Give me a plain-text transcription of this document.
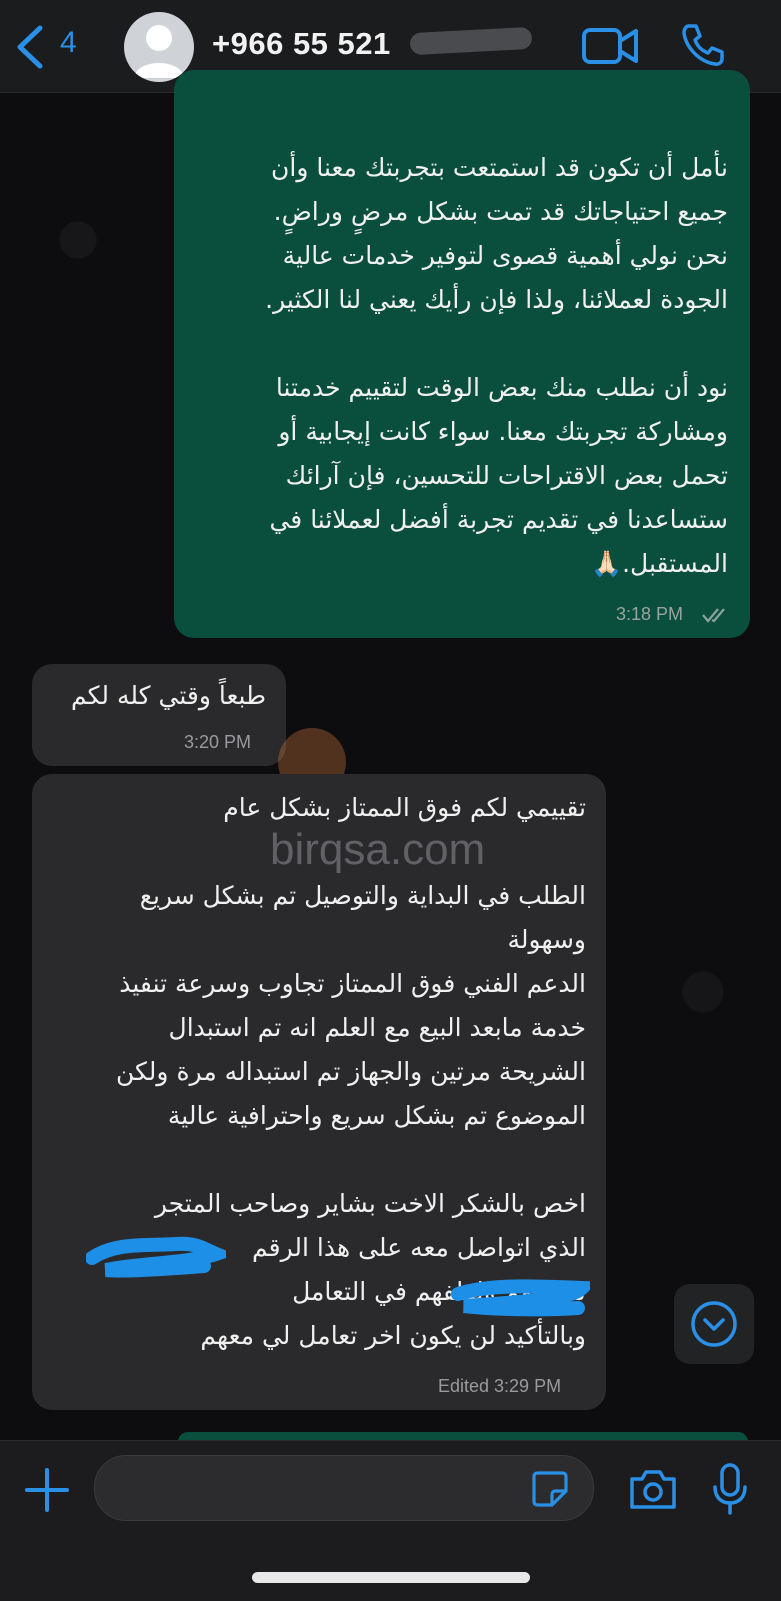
4	+966 55 521
نأمل أن تكون قد استمتعت بتجربتك معنا وأن
جميع احتياجاتك قد تمت بشكل مرضٍ وراضٍ.
نحن نولي أهمية قصوى لتوفير خدمات عالية
الجودة لعملائنا، ولذا فإن رأيك يعني لنا الكثير.

نود أن نطلب منك بعض الوقت لتقييم خدمتنا
ومشاركة تجربتك معنا. سواء كانت إيجابية أو
تحمل بعض الاقتراحات للتحسين، فإن آرائك
ستساعدنا في تقديم تجربة أفضل لعملائنا في
المستقبل.🙏🏻
3:18 PM
طبعاً وقتي كله لكم
3:20 PM
تقييمي لكم فوق الممتاز بشكل عام

الطلب في البداية والتوصيل تم بشكل سريع
وسهولة
الدعم الفني فوق الممتاز تجاوب وسرعة تنفيذ
خدمة مابعد البيع مع العلم انه تم استبدال
الشريحة مرتين والجهاز تم استبداله مرة ولكن
الموضوع تم بشكل سريع واحترافية عالية

اخص بالشكر الاخت بشاير وصاحب المتجر
الذي اتواصل معه على هذا الرقم
لتحملهم ولطفهم في التعامل
وبالتأكيد لن يكون اخر تعامل لي معهم
Edited 3:29 PM
birqsa.com
